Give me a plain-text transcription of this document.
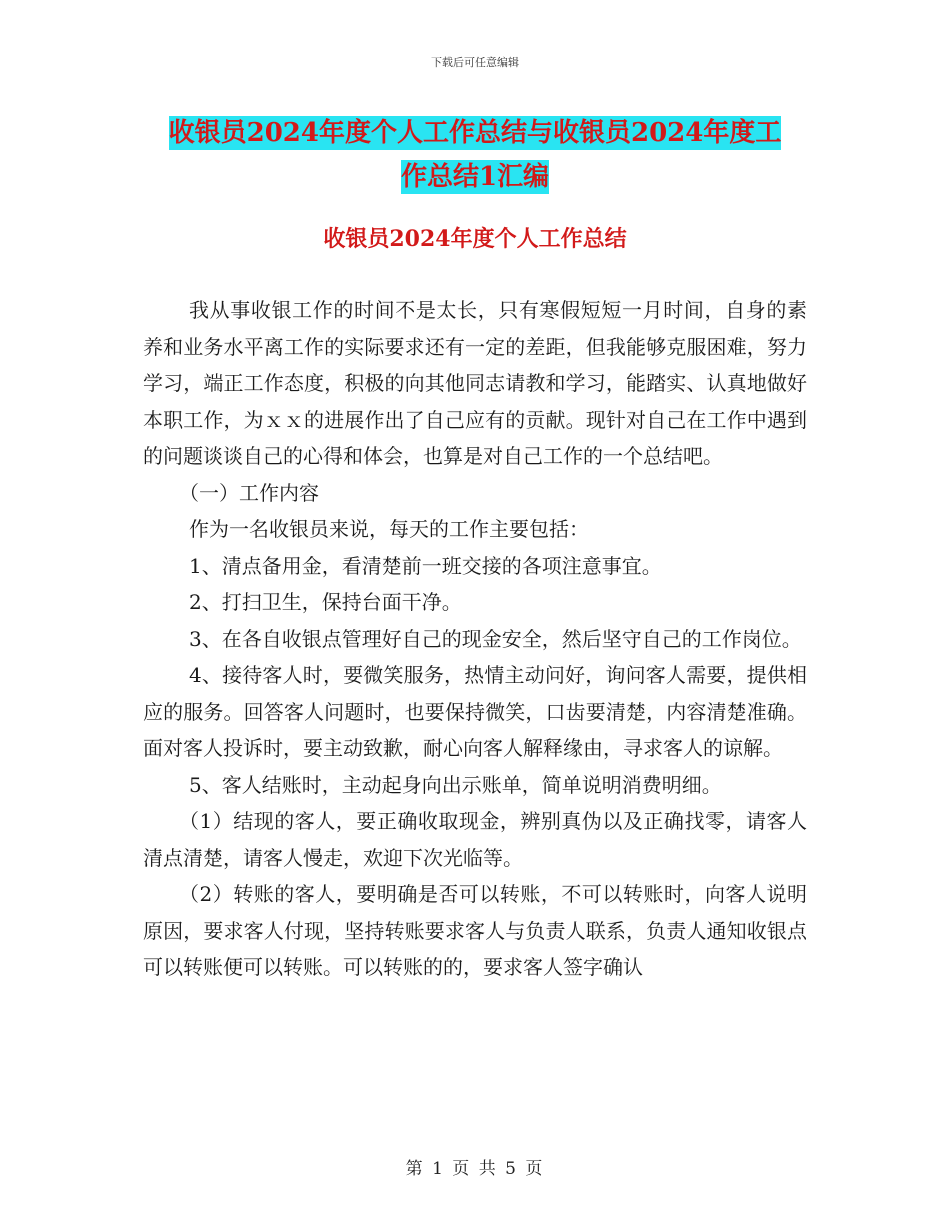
下载后可任意编辑
收银员2024年度个人工作总结与收银员2024年度工
作总结1汇编
收银员2024年度个人工作总结

我从事收银工作的时间不是太长，只有寒假短短一月时间，自身的素养和业务水平离工作的实际要求还有一定的差距，但我能够克服困难，努力学习，端正工作态度，积极的向其他同志请教和学习，能踏实、认真地做好本职工作，为ｘｘ的进展作出了自己应有的贡献。现针对自己在工作中遇到的问题谈谈自己的心得和体会，也算是对自己工作的一个总结吧。

（一）工作内容

作为一名收银员来说，每天的工作主要包括：

1、清点备用金，看清楚前一班交接的各项注意事宜。

2、打扫卫生，保持台面干净。

3、在各自收银点管理好自己的现金安全，然后坚守自己的工作岗位。

4、接待客人时，要微笑服务，热情主动问好，询问客人需要，提供相应的服务。回答客人问题时，也要保持微笑，口齿要清楚，内容清楚准确。面对客人投诉时，要主动致歉，耐心向客人解释缘由，寻求客人的谅解。

5、客人结账时，主动起身向出示账单，简单说明消费明细。

（1）结现的客人，要正确收取现金，辨别真伪以及正确找零，请客人清点清楚，请客人慢走，欢迎下次光临等。

（2）转账的客人，要明确是否可以转账，不可以转账时，向客人说明原因，要求客人付现，坚持转账要求客人与负责人联系，负责人通知收银点可以转账便可以转账。可以转账的的，要求客人签字确认

第 1 页 共 5 页
